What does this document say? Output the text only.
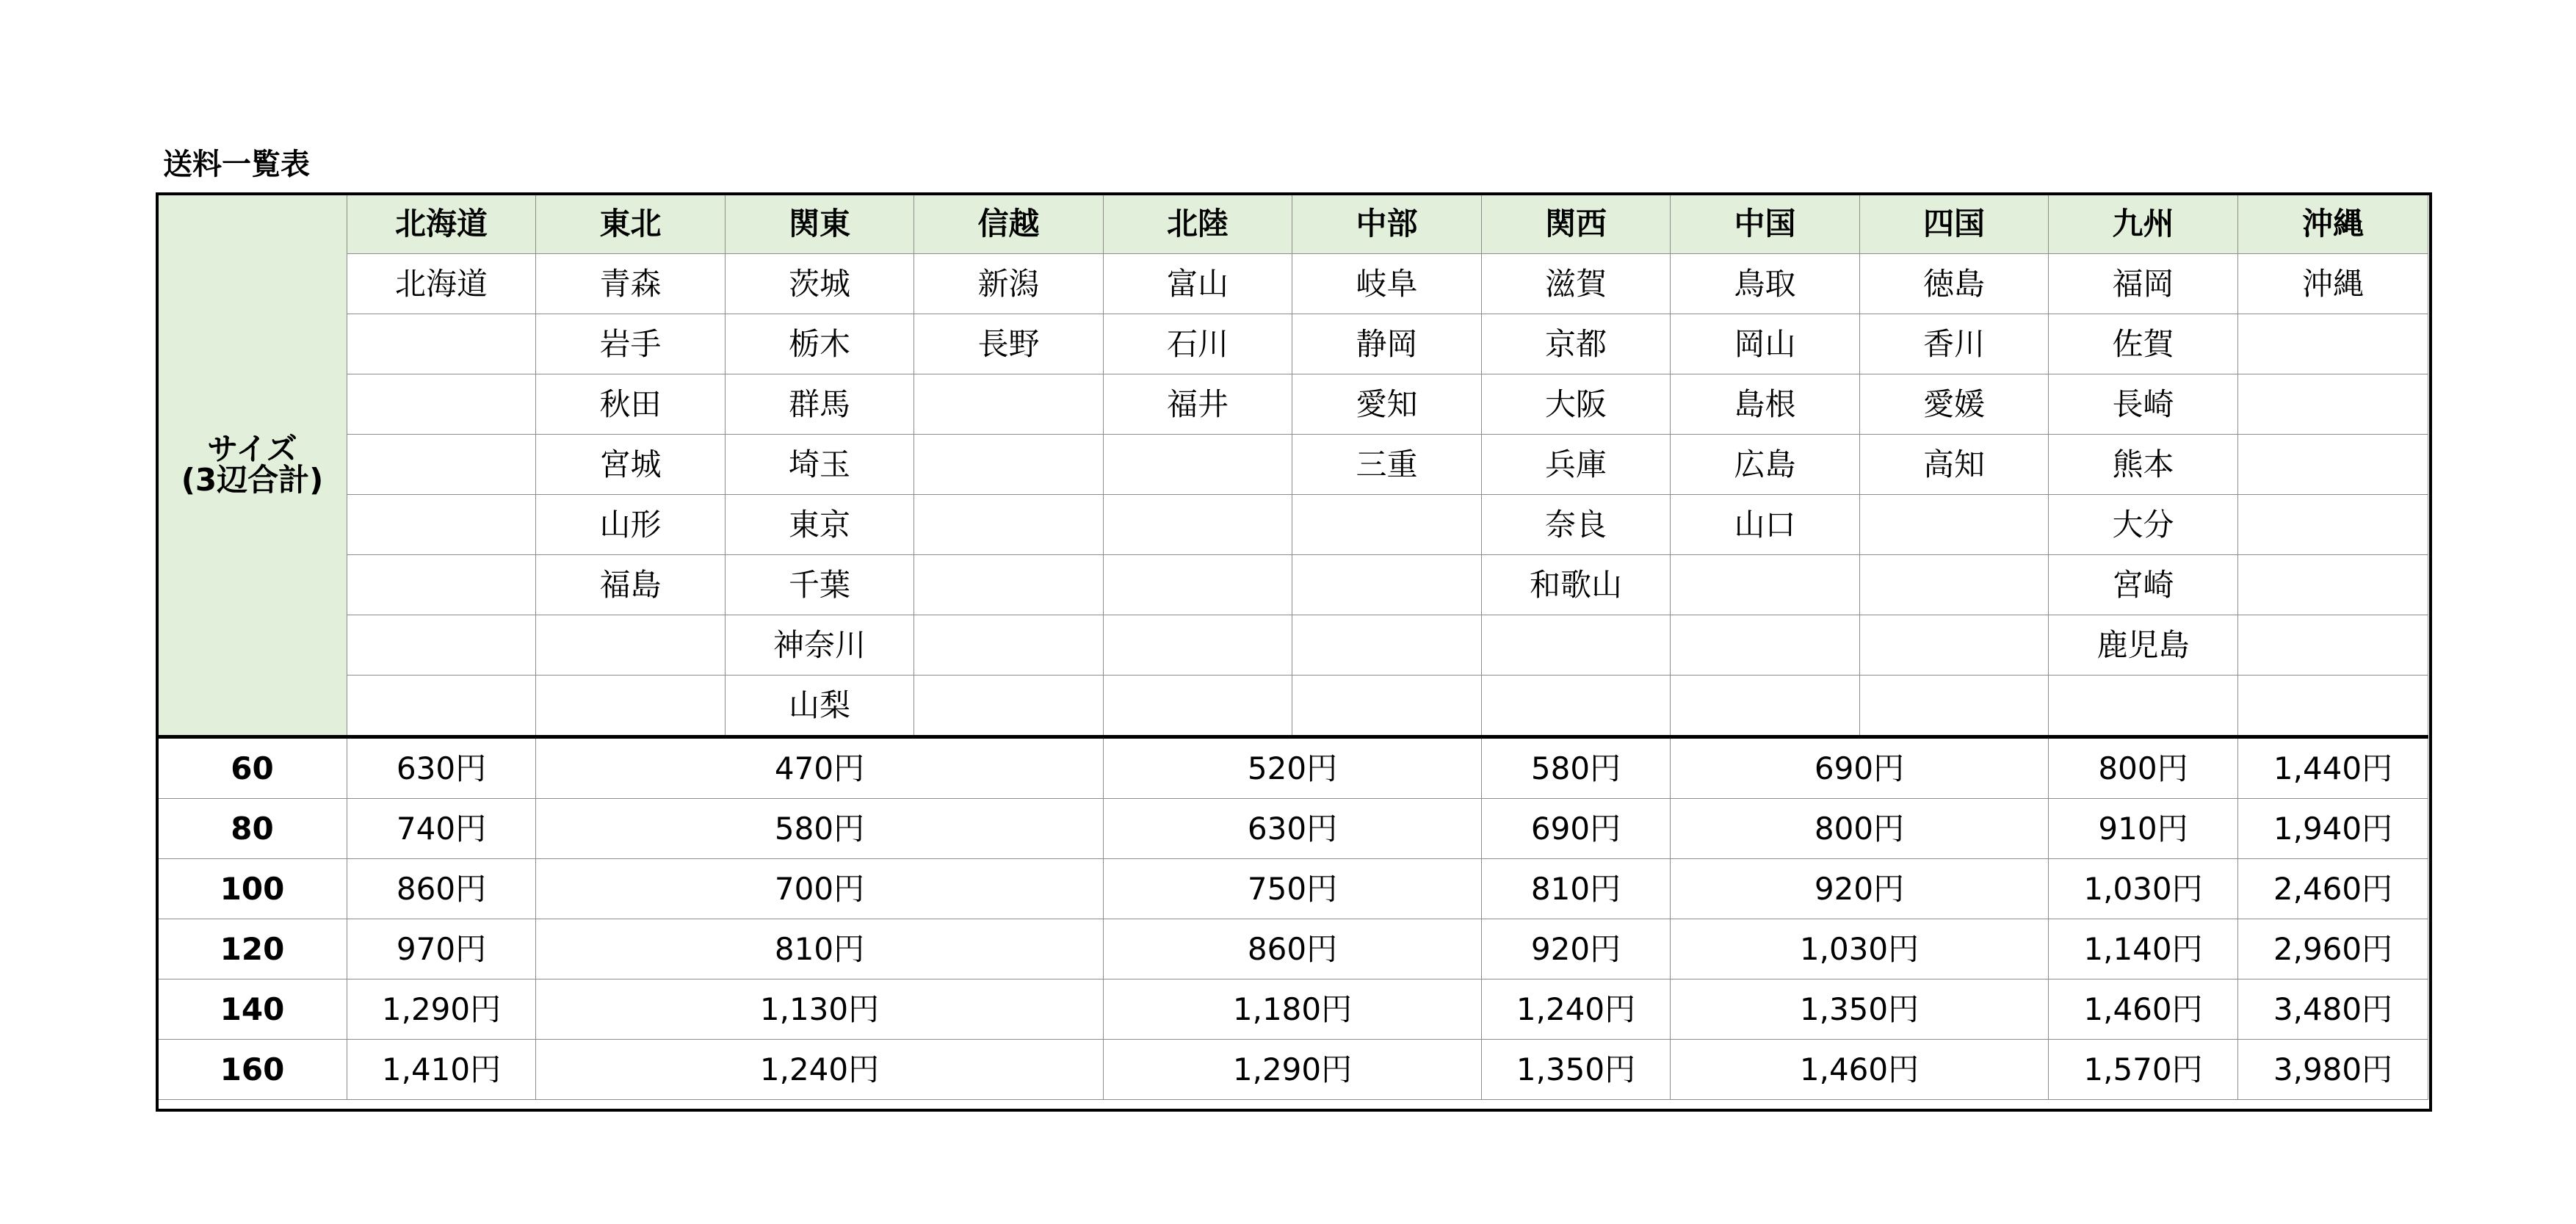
送料一覧表
サイズ
(3辺合計)	北海道	東北	関東	信越	北陸	中部	関西	中国	四国	九州	沖縄
	北海道	青森	茨城	新潟	富山	岐阜	滋賀	鳥取	徳島	福岡	沖縄
		岩手	栃木	長野	石川	静岡	京都	岡山	香川	佐賀	
		秋田	群馬		福井	愛知	大阪	島根	愛媛	長崎	
		宮城	埼玉			三重	兵庫	広島	高知	熊本	
		山形	東京				奈良	山口		大分	
		福島	千葉				和歌山			宮崎	
			神奈川							鹿児島	
			山梨								
60	630円	470円			520円		580円	690円		800円	1,440円
80	740円	580円			630円		690円	800円		910円	1,940円
100	860円	700円			750円		810円	920円		1,030円	2,460円
120	970円	810円			860円		920円	1,030円		1,140円	2,960円
140	1,290円	1,130円			1,180円		1,240円	1,350円		1,460円	3,480円
160	1,410円	1,240円			1,290円		1,350円	1,460円		1,570円	3,980円
